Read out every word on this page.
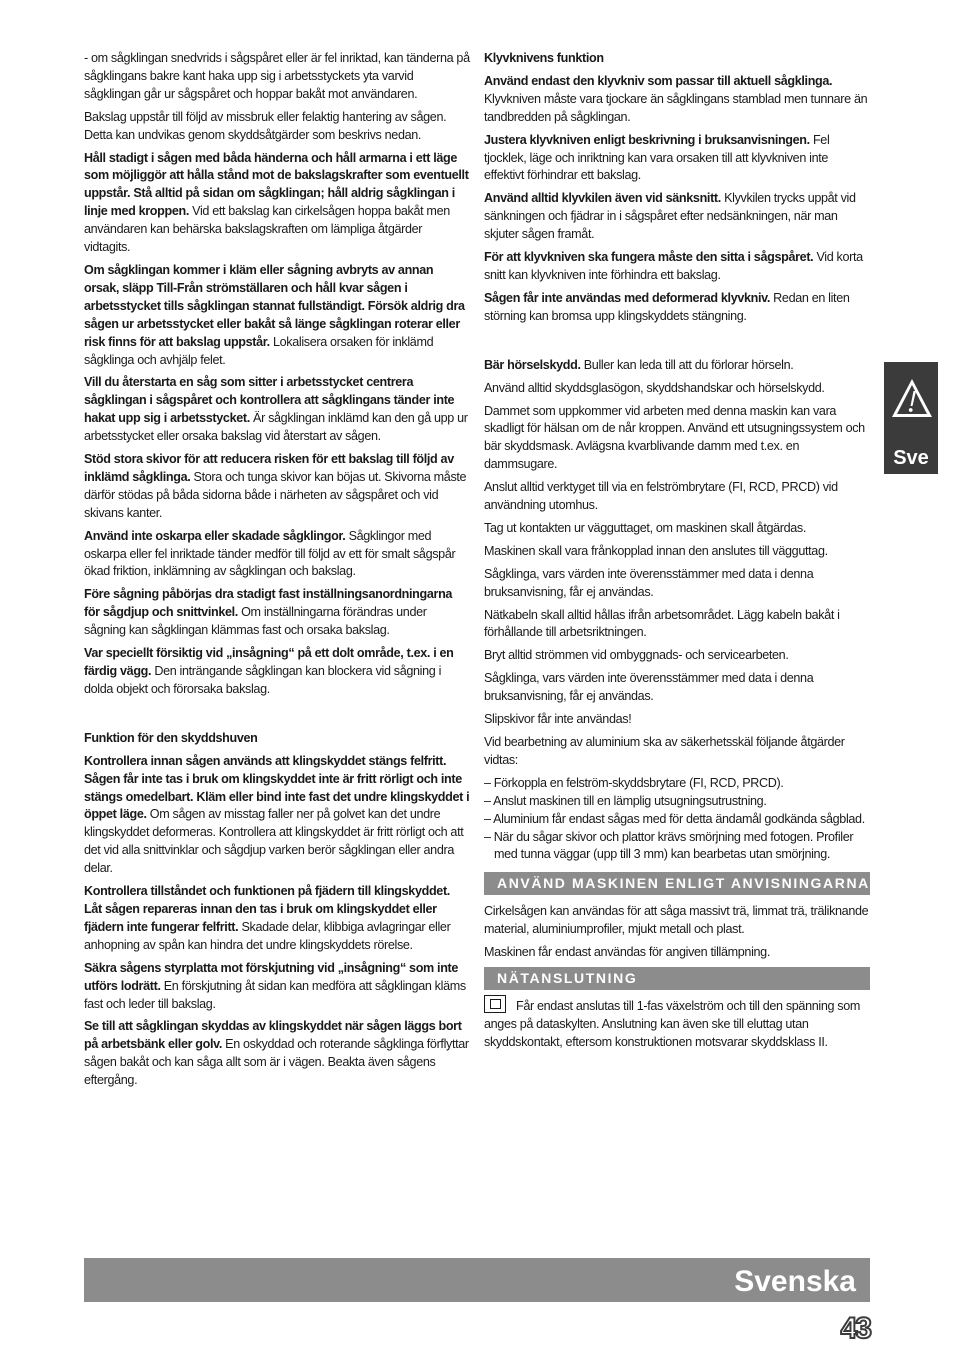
- om sågklingan snedvrids i sågspåret eller är fel inriktad, kan tänderna på sågklingans bakre kant haka upp sig i arbetsstyckets yta varvid sågklingan går ur sågspåret och hoppar bakåt mot användaren.

Bakslag uppstår till följd av missbruk eller felaktig hantering av sågen. Detta kan undvikas genom skyddsåtgärder som beskrivs nedan.

Håll stadigt i sågen med båda händerna och håll armarna i ett läge som möjliggör att hålla stånd mot de bakslagskrafter som eventuellt uppstår. Stå alltid på sidan om sågklingan; håll aldrig sågklingan i linje med kroppen. Vid ett bakslag kan cirkelsågen hoppa bakåt men användaren kan behärska bakslagskraften om lämpliga åtgärder vidtagits.

Om sågklingan kommer i kläm eller sågning avbryts av annan orsak, släpp Till-Från strömställaren och håll kvar sågen i arbetsstycket tills sågklingan stannat fullständigt. Försök aldrig dra sågen ur arbetsstycket eller bakåt så länge sågklingan roterar eller risk finns för att bakslag uppstår. Lokalisera orsaken för inklämd sågklinga och avhjälp felet.

Vill du återstarta en såg som sitter i arbetsstycket centrera sågklingan i sågspåret och kontrollera att sågklingans tänder inte hakat upp sig i arbetsstycket. Är sågklingan inklämd kan den gå upp ur arbetsstycket eller orsaka bakslag vid återstart av sågen.

Stöd stora skivor för att reducera risken för ett bakslag till följd av inklämd sågklinga. Stora och tunga skivor kan böjas ut. Skivorna måste därför stödas på båda sidorna både i närheten av sågspåret och vid skivans kanter.

Använd inte oskarpa eller skadade sågklingor. Sågklingor med oskarpa eller fel inriktade tänder medför till följd av ett för smalt sågspår ökad friktion, inklämning av sågklingan och bakslag.

Före sågning påbörjas dra stadigt fast inställningsanordningarna för sågdjup och snittvinkel. Om inställningarna förändras under sågning kan sågklingan klämmas fast och orsaka bakslag.

Var speciellt försiktig vid „insågning“ på ett dolt område, t.ex. i en färdig vägg. Den inträngande sågklingan kan blockera vid sågning i dolda objekt och förorsaka bakslag.

Funktion för den skyddshuven

Kontrollera innan sågen används att klingskyddet stängs felfritt. Sågen får inte tas i bruk om klingskyddet inte är fritt rörligt och inte stängs omedelbart. Kläm eller bind inte fast det undre klingskyddet i öppet läge. Om sågen av misstag faller ner på golvet kan det undre klingskyddet deformeras. Kontrollera att klingskyddet är fritt rörligt och att det vid alla snittvinklar och sågdjup varken berör sågklingan eller andra delar.

Kontrollera tillståndet och funktionen på fjädern till klingskyddet. Låt sågen repareras innan den tas i bruk om klingskyddet eller fjädern inte fungerar felfritt. Skadade delar, klibbiga avlagringar eller anhopning av spån kan hindra det undre klingskyddets rörelse.

Säkra sågens styrplatta mot förskjutning vid „insågning“ som inte utförs lodrätt. En förskjutning åt sidan kan medföra att sågklingan kläms fast och leder till bakslag.

Se till att sågklingan skyddas av klingskyddet när sågen läggs bort på arbetsbänk eller golv. En oskyddad och roterande sågklinga förflyttar sågen bakåt och kan såga allt som är i vägen. Beakta även sågens eftergång.

Klyvknivens funktion

Använd endast den klyvkniv som passar till aktuell sågklinga. Klyvkniven måste vara tjockare än sågklingans stamblad men tunnare än tandbredden på sågklingan.

Justera klyvkniven enligt beskrivning i bruksanvisningen. Fel tjocklek, läge och inriktning kan vara orsaken till att klyvkniven inte effektivt förhindrar ett bakslag.

Använd alltid klyvkilen även vid sänksnitt. Klyvkilen trycks uppåt vid sänkningen och fjädrar in i sågspåret efter nedsänkningen, när man skjuter sågen framåt.

För att klyvkniven ska fungera måste den sitta i sågspåret. Vid korta snitt kan klyvkniven inte förhindra ett bakslag.

Sågen får inte användas med deformerad klyvkniv. Redan en liten störning kan bromsa upp klingskyddets stängning.

Bär hörselskydd. Buller kan leda till att du förlorar hörseln.

Använd alltid skyddsglasögon, skyddshandskar och hörselskydd.

Dammet som uppkommer vid arbeten med denna maskin kan vara skadligt för hälsan om de når kroppen. Använd ett utsugningssystem och bär skyddsmask. Avlägsna kvarblivande damm med t.ex. en dammsugare.

Anslut alltid verktyget till via en felströmbrytare (FI, RCD, PRCD) vid användning utomhus.

Tag ut kontakten ur vägguttaget, om maskinen skall åtgärdas.

Maskinen skall vara frånkopplad innan den anslutes till vägguttag.

Sågklinga, vars värden inte överensstämmer med data i denna bruksanvisning, får ej användas.

Nätkabeln skall alltid hållas ifrån arbetsområdet. Lägg kabeln bakåt i förhållande till arbetsriktningen.

Bryt alltid strömmen vid ombyggnads- och servicearbeten.

Sågklinga, vars värden inte överensstämmer med data i denna bruksanvisning, får ej användas.

Slipskivor får inte användas!

Vid bearbetning av aluminium ska av säkerhetsskäl följande åtgärder vidtas:

– Förkoppla en felström-skyddsbrytare (FI, RCD, PRCD).
– Anslut maskinen till en lämplig utsugningsutrustning.
– Aluminium får endast sågas med för detta ändamål godkända sågblad.
– När du sågar skivor och plattor krävs smörjning med fotogen. Profiler med tunna väggar (upp till 3 mm) kan bearbetas utan smörjning.
ANVÄND MASKINEN ENLIGT ANVISNINGARNA

Cirkelsågen kan användas för att såga massivt trä, limmat trä, träliknande material, aluminiumprofiler, mjukt metall och plast.

Maskinen får endast användas för angiven tillämpning.

NÄTANSLUTNING

Får endast anslutas till 1-fas växelström och till den spänning som anges på dataskylten. Anslutning kan även ske till eluttag utan skyddskontakt, eftersom konstruktionen motsvarar skyddsklass II.

Sve
Svenska
43
